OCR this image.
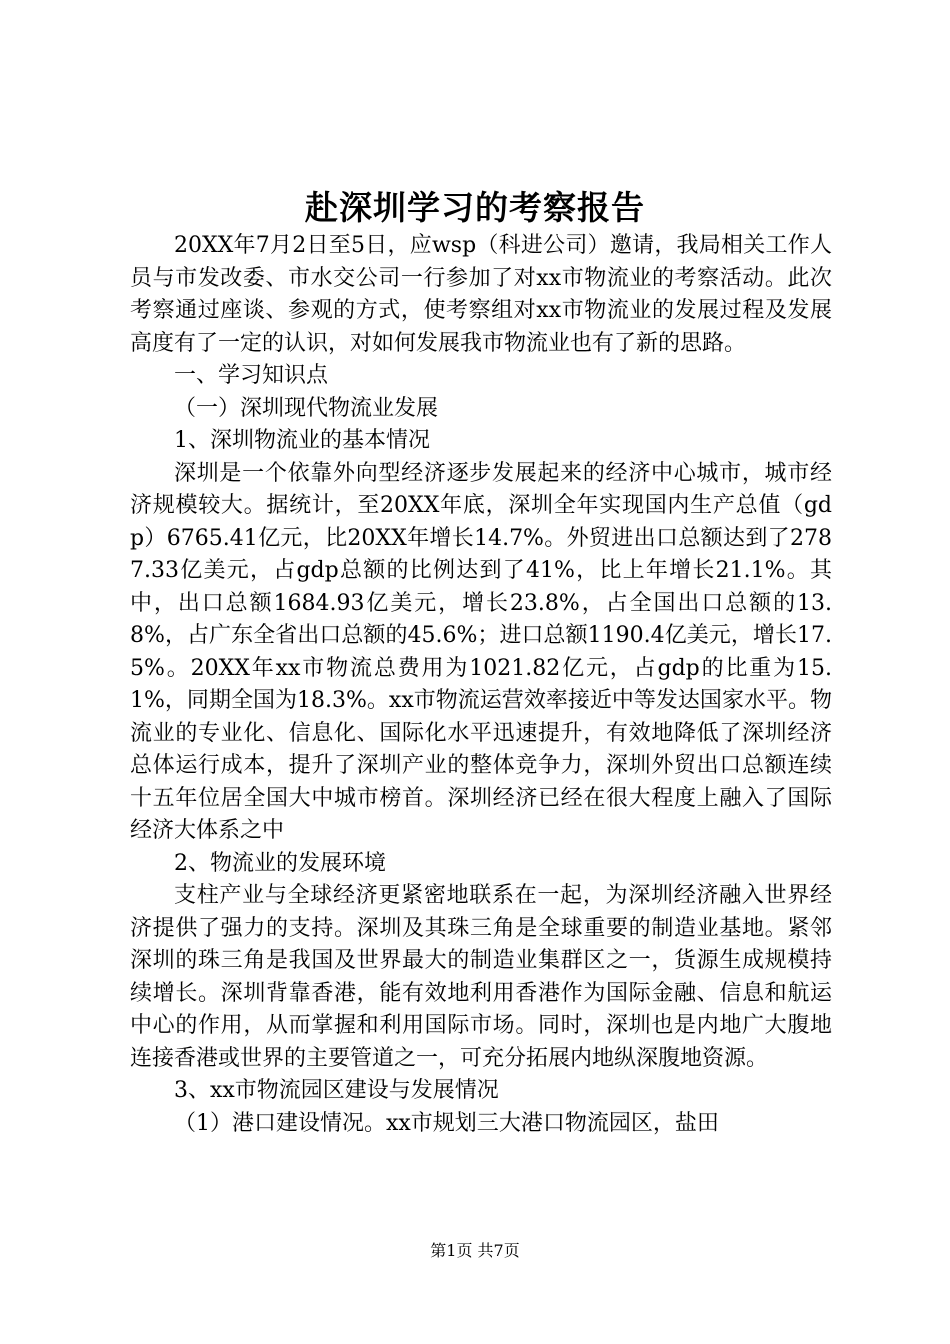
赴深圳学习的考察报告

20XX年7月2日至5日，应wsp（科进公司）邀请，我局相关工作人员与市发改委、市水交公司一行参加了对xx市物流业的考察活动。此次考察通过座谈、参观的方式，使考察组对xx市物流业的发展过程及发展高度有了一定的认识，对如何发展我市物流业也有了新的思路。

一、学习知识点

（一）深圳现代物流业发展

1、深圳物流业的基本情况

深圳是一个依靠外向型经济逐步发展起来的经济中心城市，城市经济规模较大。据统计，至20XX年底，深圳全年实现国内生产总值（gdp）6765.41亿元，比20XX年增长14.7%。外贸进出口总额达到了2787.33亿美元，占gdp总额的比例达到了41%，比上年增长21.1%。其中，出口总额1684.93亿美元，增长23.8%，占全国出口总额的13.8%，占广东全省出口总额的45.6%；进口总额1190.4亿美元，增长17.5%。20XX年xx市物流总费用为1021.82亿元，占gdp的比重为15.1%，同期全国为18.3%。xx市物流运营效率接近中等发达国家水平。物流业的专业化、信息化、国际化水平迅速提升，有效地降低了深圳经济总体运行成本，提升了深圳产业的整体竞争力，深圳外贸出口总额连续十五年位居全国大中城市榜首。深圳经济已经在很大程度上融入了国际经济大体系之中

2、物流业的发展环境

支柱产业与全球经济更紧密地联系在一起，为深圳经济融入世界经济提供了强力的支持。深圳及其珠三角是全球重要的制造业基地。紧邻深圳的珠三角是我国及世界最大的制造业集群区之一，货源生成规模持续增长。深圳背靠香港，能有效地利用香港作为国际金融、信息和航运中心的作用，从而掌握和利用国际市场。同时，深圳也是内地广大腹地连接香港或世界的主要管道之一，可充分拓展内地纵深腹地资源。

3、xx市物流园区建设与发展情况

（1）港口建设情况。xx市规划三大港口物流园区，盐田

第1页 共7页
